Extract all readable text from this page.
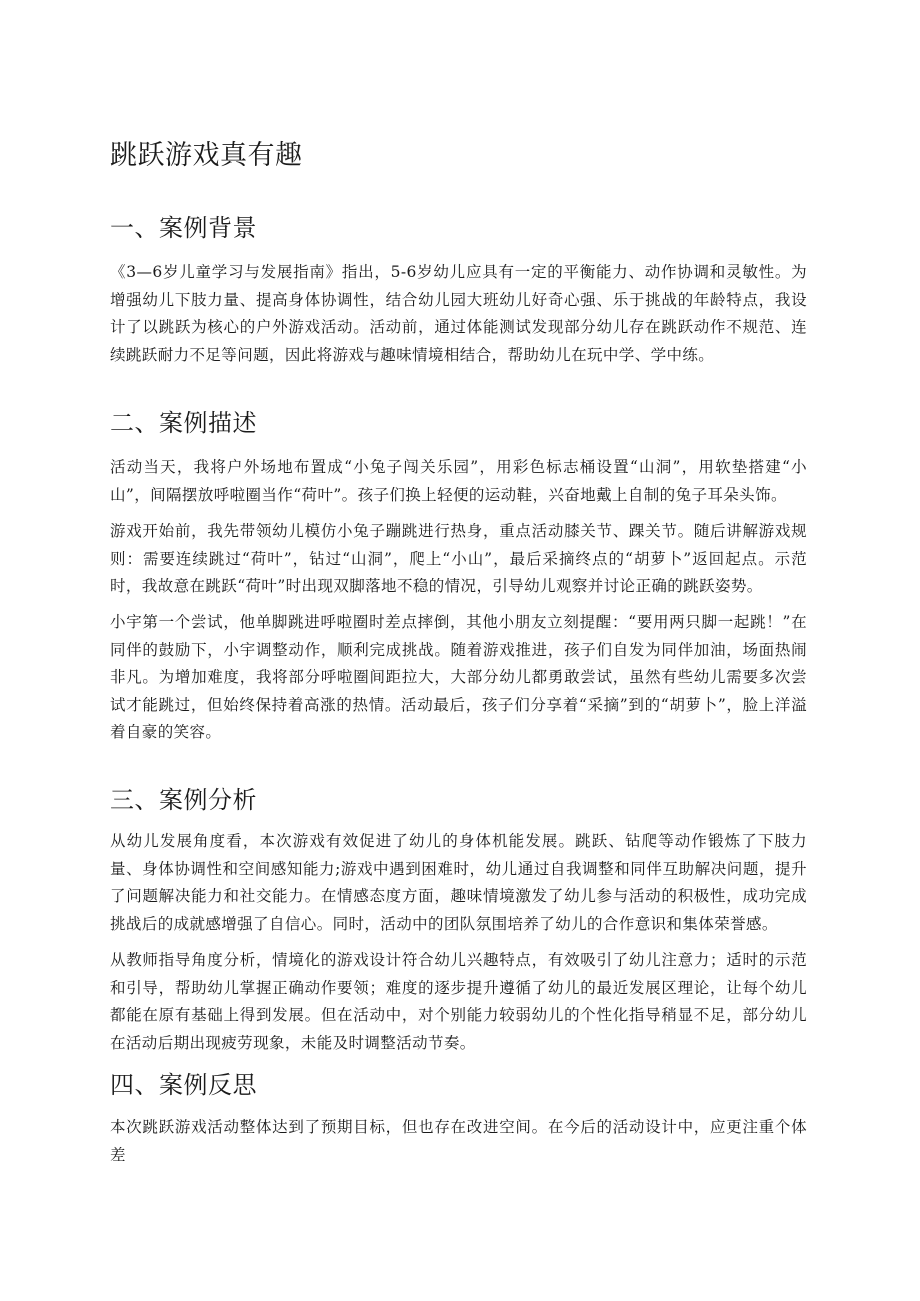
跳跃游戏真有趣
一、案例背景

《3—6岁儿童学习与发展指南》指出，5-6岁幼儿应具有一定的平衡能力、动作协调和灵敏性。为增强幼儿下肢力量、提高身体协调性，结合幼儿园大班幼儿好奇心强、乐于挑战的年龄特点，我设计了以跳跃为核心的户外游戏活动。活动前，通过体能测试发现部分幼儿存在跳跃动作不规范、连续跳跃耐力不足等问题，因此将游戏与趣味情境相结合，帮助幼儿在玩中学、学中练。

二、案例描述

活动当天，我将户外场地布置成“小兔子闯关乐园”，用彩色标志桶设置“山洞”，用软垫搭建“小山”，间隔摆放呼啦圈当作“荷叶”。孩子们换上轻便的运动鞋，兴奋地戴上自制的兔子耳朵头饰。

游戏开始前，我先带领幼儿模仿小兔子蹦跳进行热身，重点活动膝关节、踝关节。随后讲解游戏规则：需要连续跳过“荷叶”，钻过“山洞”，爬上“小山”，最后采摘终点的“胡萝卜”返回起点。示范时，我故意在跳跃“荷叶”时出现双脚落地不稳的情况，引导幼儿观察并讨论正确的跳跃姿势。

小宇第一个尝试，他单脚跳进呼啦圈时差点摔倒，其他小朋友立刻提醒：“要用两只脚一起跳！”在同伴的鼓励下，小宇调整动作，顺利完成挑战。随着游戏推进，孩子们自发为同伴加油，场面热闹非凡。为增加难度，我将部分呼啦圈间距拉大，大部分幼儿都勇敢尝试，虽然有些幼儿需要多次尝试才能跳过，但始终保持着高涨的热情。活动最后，孩子们分享着“采摘”到的“胡萝卜”，脸上洋溢着自豪的笑容。

三、案例分析

从幼儿发展角度看，本次游戏有效促进了幼儿的身体机能发展。跳跃、钻爬等动作锻炼了下肢力量、身体协调性和空间感知能力;游戏中遇到困难时，幼儿通过自我调整和同伴互助解决问题，提升了问题解决能力和社交能力。在情感态度方面，趣味情境激发了幼儿参与活动的积极性，成功完成挑战后的成就感增强了自信心。同时，活动中的团队氛围培养了幼儿的合作意识和集体荣誉感。

从教师指导角度分析，情境化的游戏设计符合幼儿兴趣特点，有效吸引了幼儿注意力；适时的示范和引导，帮助幼儿掌握正确动作要领；难度的逐步提升遵循了幼儿的最近发展区理论，让每个幼儿都能在原有基础上得到发展。但在活动中，对个别能力较弱幼儿的个性化指导稍显不足，部分幼儿在活动后期出现疲劳现象，未能及时调整活动节奏。

四、案例反思

本次跳跃游戏活动整体达到了预期目标，但也存在改进空间。在今后的活动设计中，应更注重个体差
